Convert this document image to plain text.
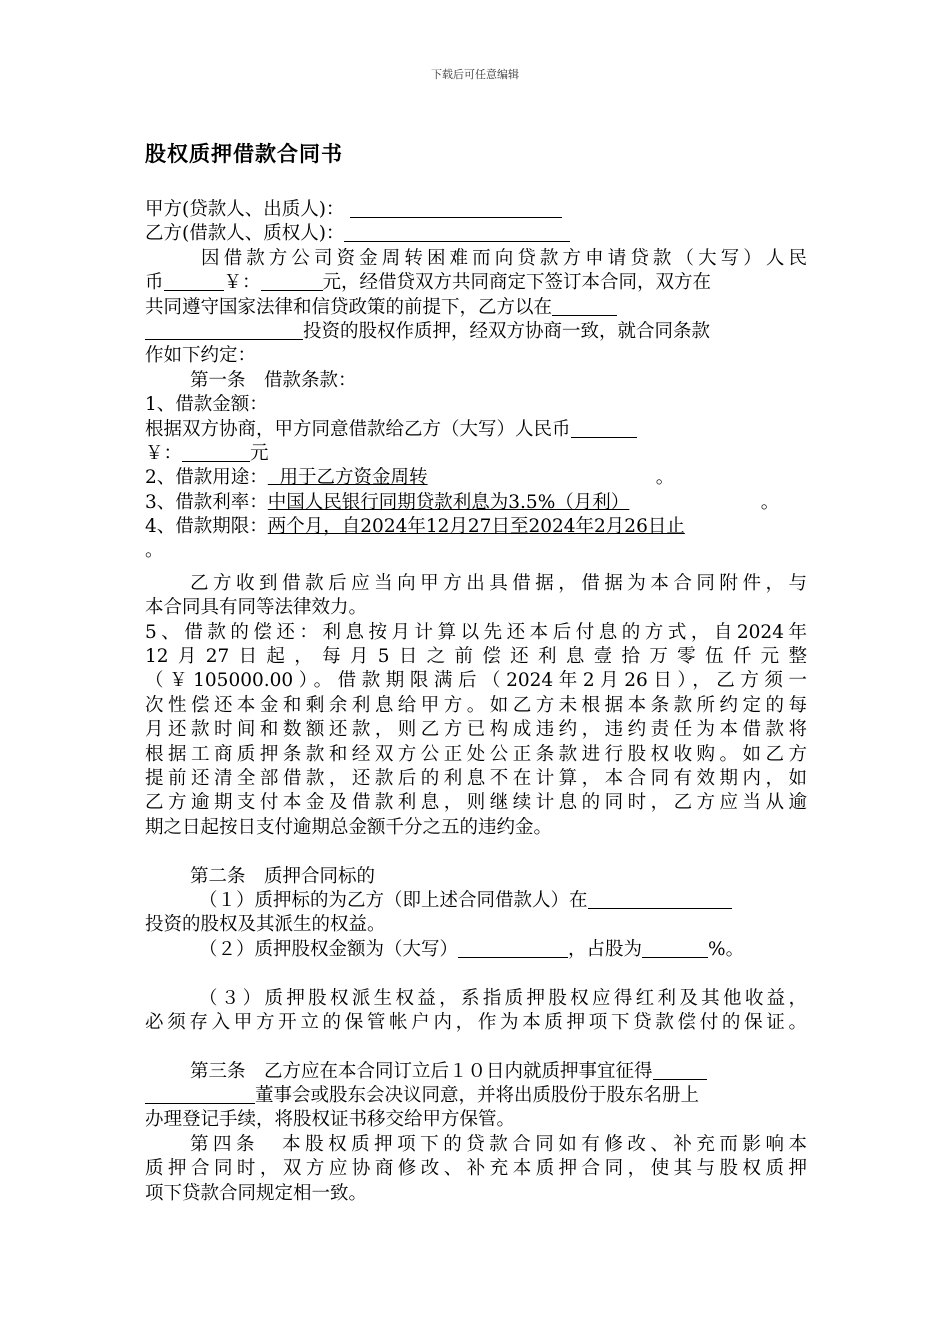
下载后可任意编辑
股权质押借款合同书
甲方(贷款人、出质人)：
乙方(借款人、质权人)：
因借款方公司资金周转困难而向贷款方申请贷款（大写）人民
币	￥：	元，经借贷双方共同商定下签订本合同，双方在
共同遵守国家法律和信贷政策的前提下，乙方以在
投资的股权作质押，经双方协商一致，就合同条款
作如下约定：
第一条　借款条款：
1、借款金额：
根据双方协商，甲方同意借款给乙方（大写）人民币
￥：	元
2、借款用途： 用于乙方资金周转	。
3、借款利率：中国人民银行同期贷款利息为3.5%（月利）	。
4、借款期限：两个月，自2024年12月27日至2024年2月26日止
。
乙方收到借款后应当向甲方出具借据，借据为本合同附件，与
本合同具有同等法律效力。
5、借款的偿还：利息按月计算以先还本后付息的方式，自2024年
12月27日起，每月5日之前偿还利息壹拾万零伍仟元整
（￥105000.00）。借款期限满后（2024年2月26日），乙方须一
次性偿还本金和剩余利息给甲方。如乙方未根据本条款所约定的每
月还款时间和数额还款，则乙方已构成违约，违约责任为本借款将
根据工商质押条款和经双方公正处公正条款进行股权收购。如乙方
提前还清全部借款，还款后的利息不在计算，本合同有效期内，如
乙方逾期支付本金及借款利息，则继续计息的同时，乙方应当从逾
期之日起按日支付逾期总金额千分之五的违约金。
第二条　质押合同标的
（１）质押标的为乙方（即上述合同借款人）在
投资的股权及其派生的权益。
（２）质押股权金额为（大写）	，占股为	%。
（３）质押股权派生权益，系指质押股权应得红利及其他收益，
必须存入甲方开立的保管帐户内，作为本质押项下贷款偿付的保证。
第三条　乙方应在本合同订立后１０日内就质押事宜征得
董事会或股东会决议同意，并将出质股份于股东名册上
办理登记手续，将股权证书移交给甲方保管。
第四条　本股权质押项下的贷款合同如有修改、补充而影响本
质押合同时，双方应协商修改、补充本质押合同，使其与股权质押
项下贷款合同规定相一致。
